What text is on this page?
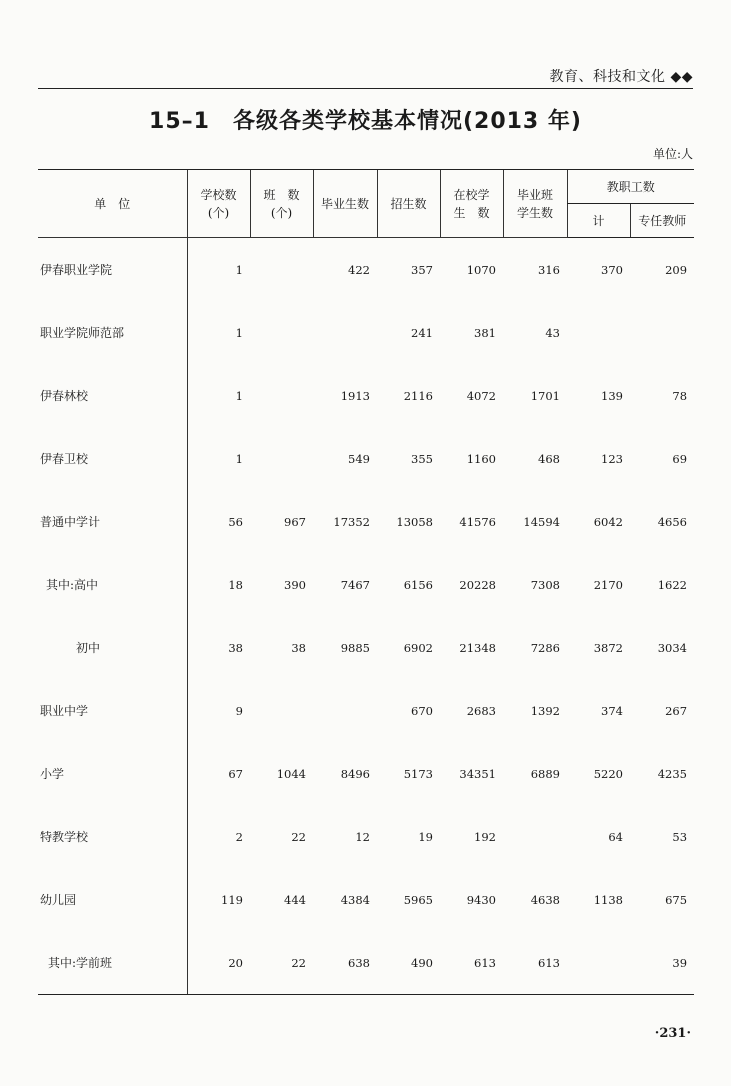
教育、科技和文化 ◆◆
15–1　各级各类学校基本情况(2013 年)
单位:人
单　位	学校数(个)	班　数(个)	毕业生数	招生数	在校学生　数	毕业班学生数	教职工数	
							计	专任教师
伊春职业学院	1		422	357	1070	316	370	209
职业学院师范部	1			241	381	43		
伊春林校	1		1913	2116	4072	1701	139	78
伊春卫校	1		549	355	1160	468	123	69
普通中学计	56	967	17352	13058	41576	14594	6042	4656
其中:高中	18	390	7467	6156	20228	7308	2170	1622
初中	38	38	9885	6902	21348	7286	3872	3034
职业中学	9			670	2683	1392	374	267
小学	67	1044	8496	5173	34351	6889	5220	4235
特教学校	2	22	12	19	192		64	53
幼儿园	119	444	4384	5965	9430	4638	1138	675
其中:学前班	20	22	638	490	613	613		39
·231·
